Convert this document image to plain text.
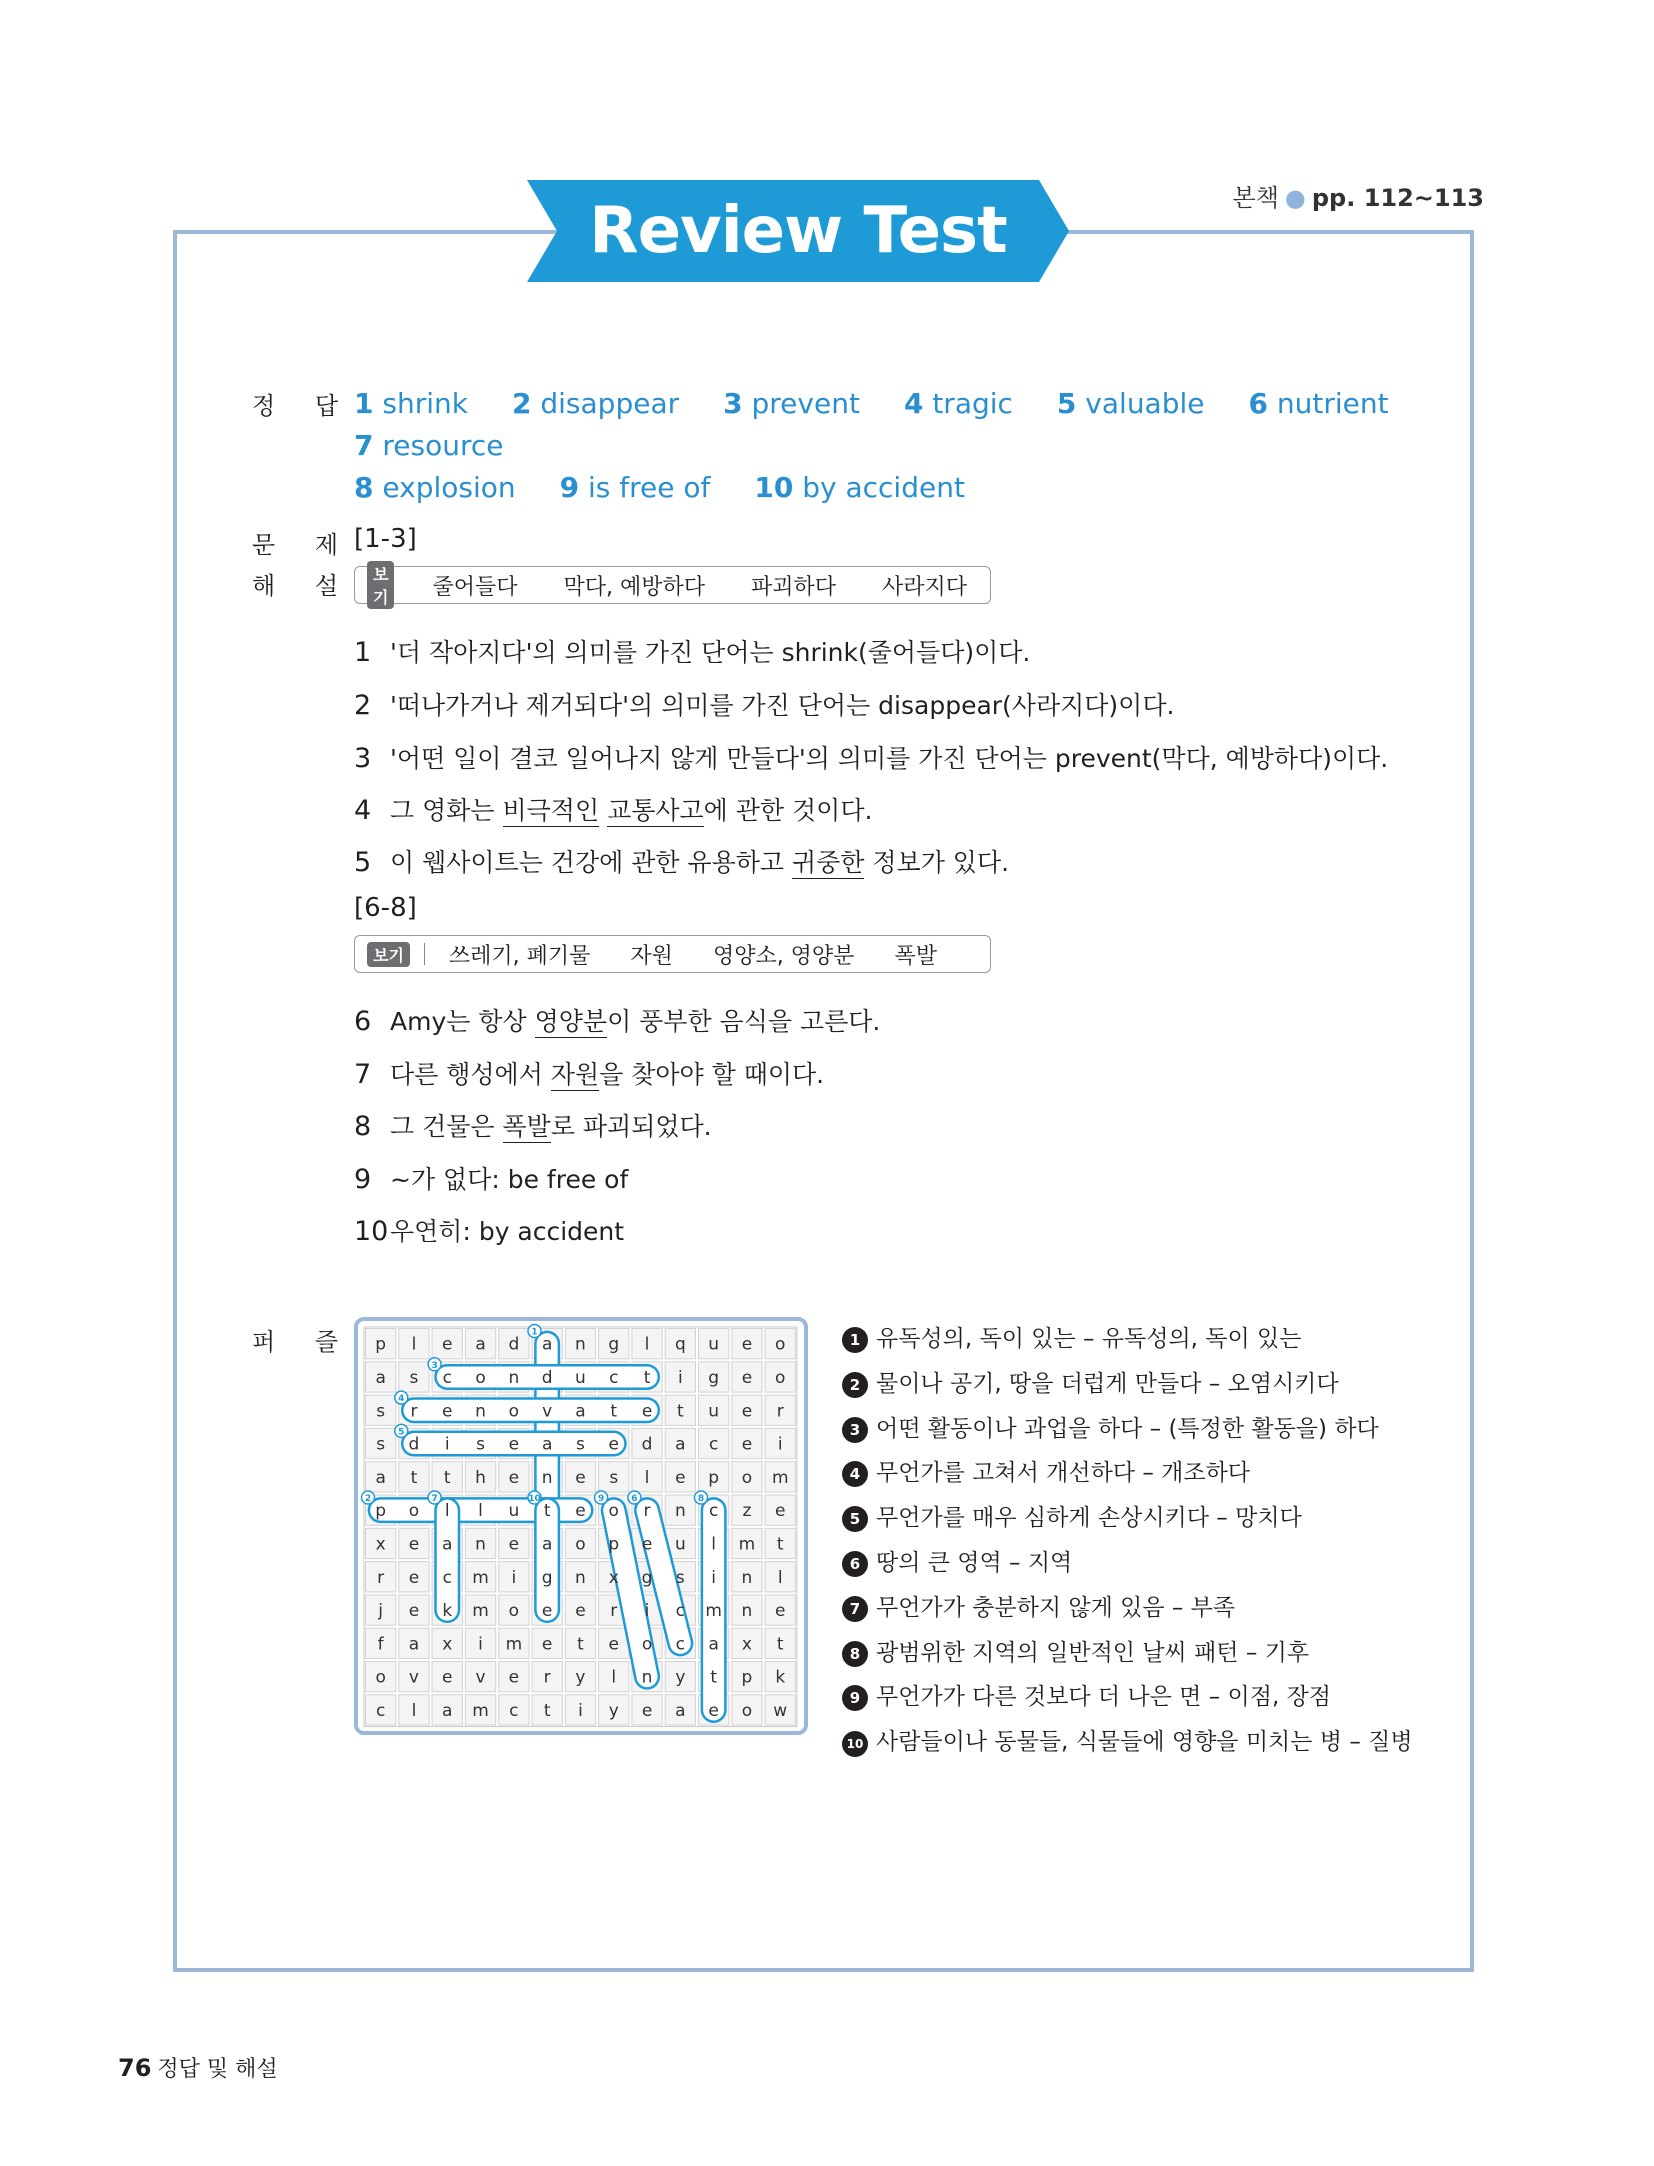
Review Test	본책 ● pp. 112~113
정 답 1 shrink 2 disappear 3 prevent 4 tragic 5 valuable 6 nutrient7 resource
8 explosion 9 is free of 10 by accident
문 제
해 설
[1-3]
보기 줄어들다 막다, 예방하다 파괴하다 사라지다
1 '더 작아지다'의 의미를 가진 단어는 shrink(줄어들다)이다.
2 '떠나가거나 제거되다'의 의미를 가진 단어는 disappear(사라지다)이다.
3 '어떤 일이 결코 일어나지 않게 만들다'의 의미를 가진 단어는 prevent(막다, 예방하다)이다.
4 그 영화는 비극적인 교통사고에 관한 것이다.
5 이 웹사이트는 건강에 관한 유용하고 귀중한 정보가 있다.
[6-8]
보기 쓰레기, 폐기물 자원 영양소, 영양분 폭발
6 Amy는 항상 영양분이 풍부한 음식을 고른다.
7 다른 행성에서 자원을 찾아야 할 때이다.
8 그 건물은 폭발로 파괴되었다.
9 ~가 없다: be free of
10우연히: by accident
퍼 즐 p l e a d a n g l q u e o
a s c o n d u c t i g e o
s r e n o v a t e t u e r
s d i s e a s e d a c e i
a t t h e n e s l e p o m
p o l l u t e o r n c z e
x e a n e a o p e u l m t
r e c m i g n x g s i n l
j e k m o e e r i c m n e
f a x i m e t e o c a x t
o v e v e r y l n y t p k
c l a m c t i y e a e o w
1
3
4
5
2	7	10	6
9	8
1 유독성의, 독이 있는 – 유독성의, 독이 있는
2 물이나 공기, 땅을 더럽게 만들다 – 오염시키다
3 어떤 활동이나 과업을 하다 – (특정한 활동을) 하다
4 무언가를 고쳐서 개선하다 – 개조하다
5 무언가를 매우 심하게 손상시키다 – 망치다
6 땅의 큰 영역 – 지역
7 무언가가 충분하지 않게 있음 – 부족
8 광범위한 지역의 일반적인 날씨 패턴 – 기후
9 무언가가 다른 것보다 더 나은 면 – 이점, 장점
10 사람들이나 동물들, 식물들에 영향을 미치는 병 – 질병
76 정답 및 해설
